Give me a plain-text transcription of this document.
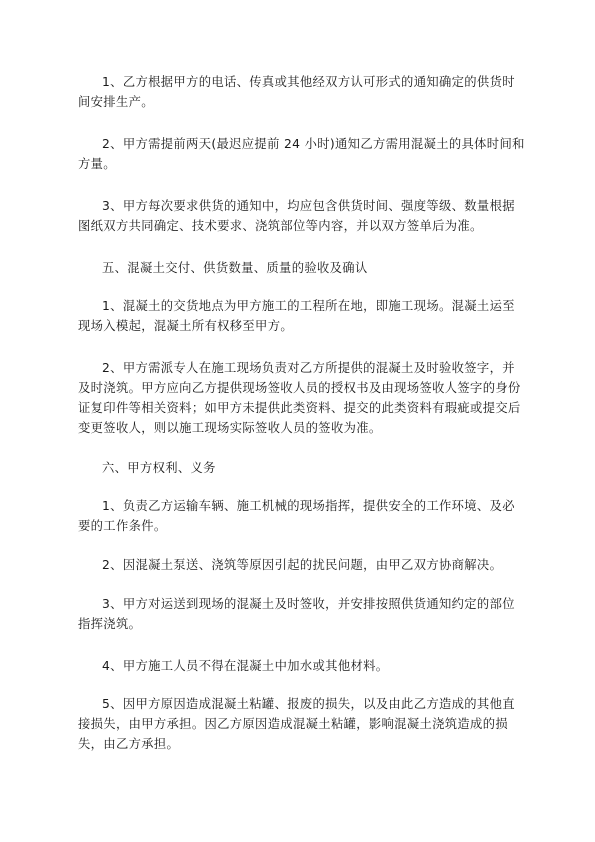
1、乙方根据甲方的电话、传真或其他经双方认可形式的通知确定的供货时间安排生产。

2、甲方需提前两天(最迟应提前 24 小时)通知乙方需用混凝土的具体时间和 方量。

3、甲方每次要求供货的通知中，均应包含供货时间、强度等级、数量根据图纸双方共同确定、技术要求、浇筑部位等内容，并以双方签单后为准。

五、混凝土交付、供货数量、质量的验收及确认

1、混凝土的交货地点为甲方施工的工程所在地，即施工现场。混凝土运至现场入模起，混凝土所有权移至甲方。

2、甲方需派专人在施工现场负责对乙方所提供的混凝土及时验收签字，并及时浇筑。甲方应向乙方提供现场签收人员的授权书及由现场签收人签字的身份证复印件等相关资料；如甲方未提供此类资料、提交的此类资料有瑕疵或提交后变更签收人，则以施工现场实际签收人员的签收为准。

六、甲方权利、义务

1、负责乙方运输车辆、施工机械的现场指挥，提供安全的工作环境、及必要的工作条件。

2、因混凝土泵送、浇筑等原因引起的扰民问题，由甲乙双方协商解决。

3、甲方对运送到现场的混凝土及时签收，并安排按照供货通知约定的部位指挥浇筑。

4、甲方施工人员不得在混凝土中加水或其他材料。

5、因甲方原因造成混凝土粘罐、报废的损失，以及由此乙方造成的其他直接损失，由甲方承担。因乙方原因造成混凝土粘罐，影响混凝土浇筑造成的损失，由乙方承担。
